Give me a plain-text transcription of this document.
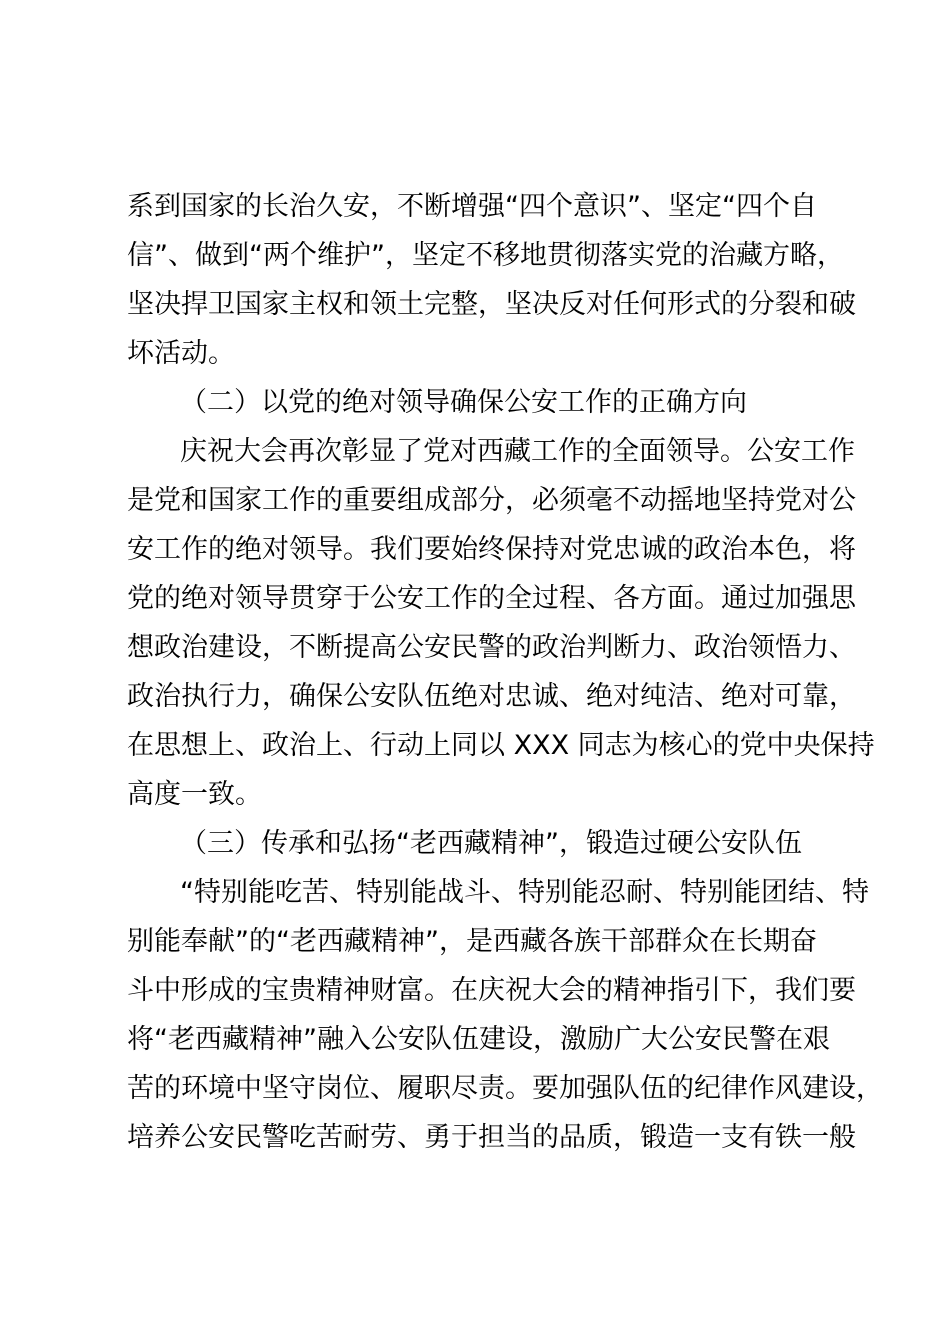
系到国家的长治久安，不断增强“四个意识”、坚定“四个自
信”、做到“两个维护”，坚定不移地贯彻落实党的治藏方略，
坚决捍卫国家主权和领土完整，坚决反对任何形式的分裂和破
坏活动。
（二）以党的绝对领导确保公安工作的正确方向
庆祝大会再次彰显了党对西藏工作的全面领导。公安工作
是党和国家工作的重要组成部分，必须毫不动摇地坚持党对公
安工作的绝对领导。我们要始终保持对党忠诚的政治本色，将
党的绝对领导贯穿于公安工作的全过程、各方面。通过加强思
想政治建设，不断提高公安民警的政治判断力、政治领悟力、
政治执行力，确保公安队伍绝对忠诚、绝对纯洁、绝对可靠，
在思想上、政治上、行动上同以 XXX 同志为核心的党中央保持
高度一致。
（三）传承和弘扬“老西藏精神”，锻造过硬公安队伍
“特别能吃苦、特别能战斗、特别能忍耐、特别能团结、特
别能奉献”的“老西藏精神”，是西藏各族干部群众在长期奋
斗中形成的宝贵精神财富。在庆祝大会的精神指引下，我们要
将“老西藏精神”融入公安队伍建设，激励广大公安民警在艰
苦的环境中坚守岗位、履职尽责。要加强队伍的纪律作风建设，
培养公安民警吃苦耐劳、勇于担当的品质，锻造一支有铁一般
